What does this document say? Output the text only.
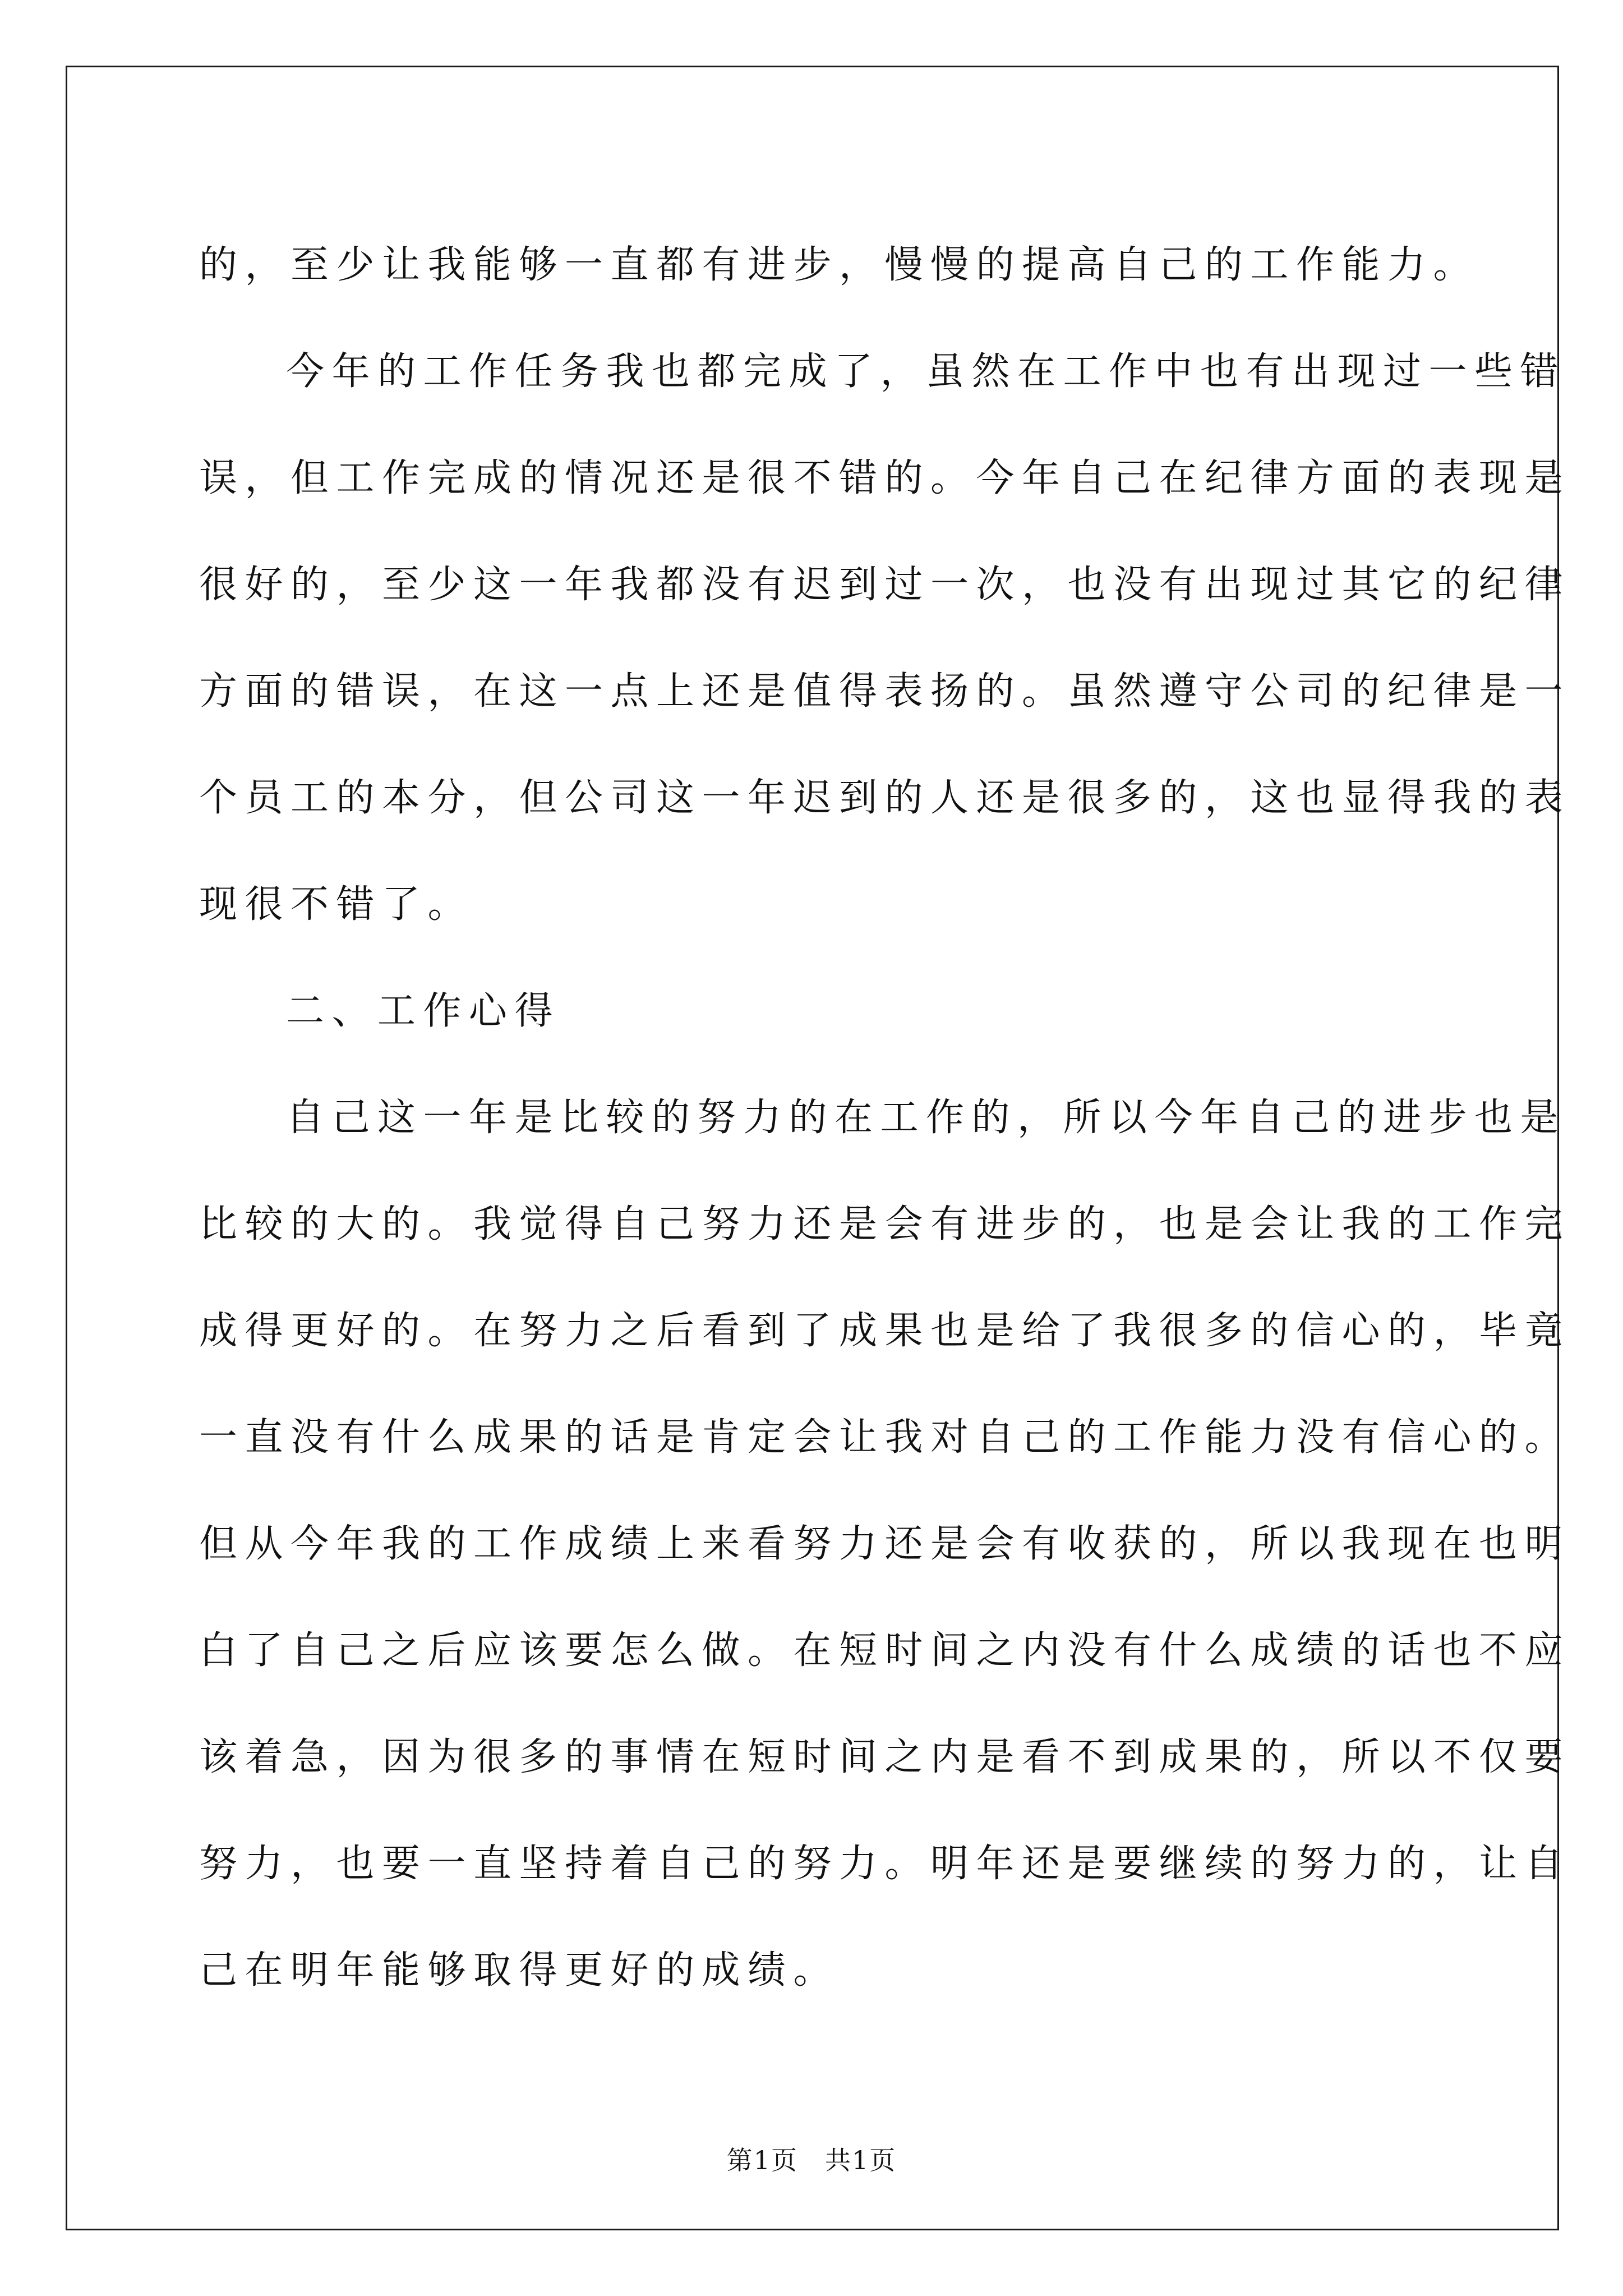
的，至少让我能够一直都有进步，慢慢的提高自己的工作能力。
今年的工作任务我也都完成了，虽然在工作中也有出现过一些错
误，但工作完成的情况还是很不错的。今年自己在纪律方面的表现是
很好的，至少这一年我都没有迟到过一次，也没有出现过其它的纪律
方面的错误，在这一点上还是值得表扬的。虽然遵守公司的纪律是一
个员工的本分，但公司这一年迟到的人还是很多的，这也显得我的表
现很不错了。
二、工作心得
自己这一年是比较的努力的在工作的，所以今年自己的进步也是
比较的大的。我觉得自己努力还是会有进步的，也是会让我的工作完
成得更好的。在努力之后看到了成果也是给了我很多的信心的，毕竟
一直没有什么成果的话是肯定会让我对自己的工作能力没有信心的。
但从今年我的工作成绩上来看努力还是会有收获的，所以我现在也明
白了自己之后应该要怎么做。在短时间之内没有什么成绩的话也不应
该着急，因为很多的事情在短时间之内是看不到成果的，所以不仅要
努力，也要一直坚持着自己的努力。明年还是要继续的努力的，让自
己在明年能够取得更好的成绩。
第1页 共1页
